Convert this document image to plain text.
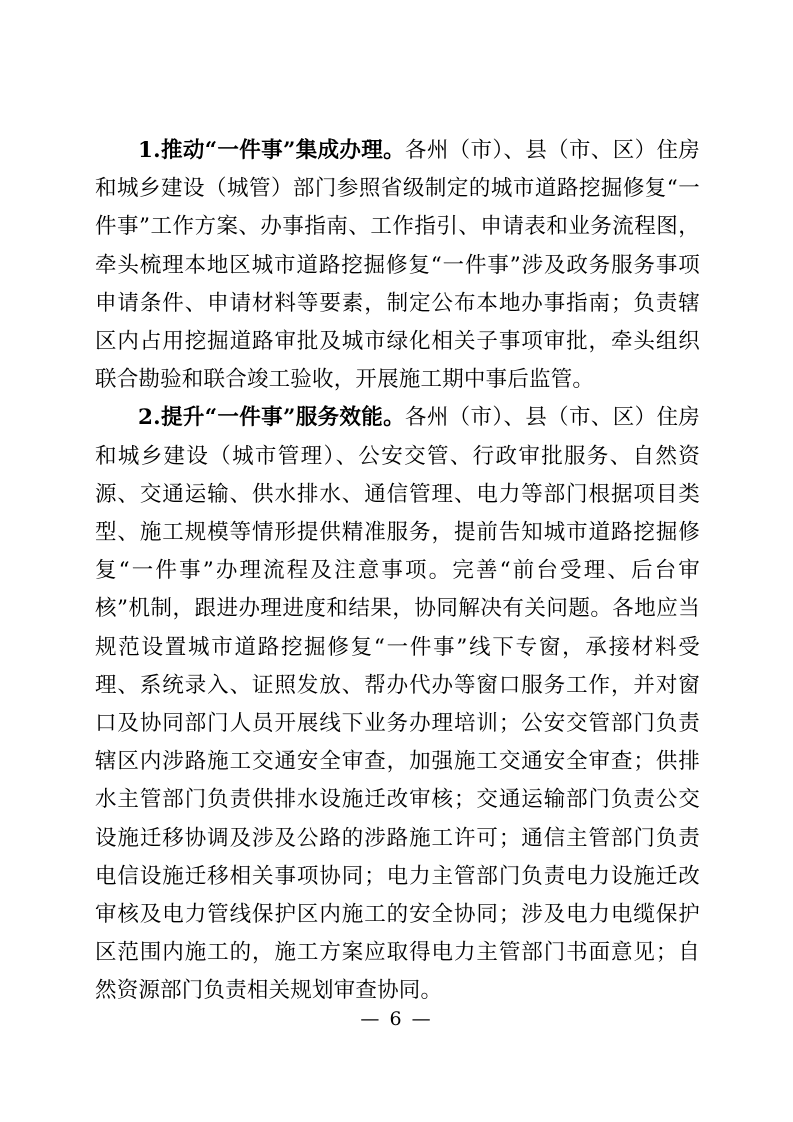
1.推动“一件事”集成办理。各州（市）、县（市、区）住房和城乡建设（城管）部门参照省级制定的城市道路挖掘修复“一件事”工作方案、办事指南、工作指引、申请表和业务流程图，牵头梳理本地区城市道路挖掘修复“一件事”涉及政务服务事项申请条件、申请材料等要素，制定公布本地办事指南；负责辖区内占用挖掘道路审批及城市绿化相关子事项审批，牵头组织联合勘验和联合竣工验收，开展施工期中事后监管。

2.提升“一件事”服务效能。各州（市）、县（市、区）住房和城乡建设（城市管理）、公安交管、行政审批服务、自然资源、交通运输、供水排水、通信管理、电力等部门根据项目类型、施工规模等情形提供精准服务，提前告知城市道路挖掘修复“一件事”办理流程及注意事项。完善“前台受理、后台审核”机制，跟进办理进度和结果，协同解决有关问题。各地应当规范设置城市道路挖掘修复“一件事”线下专窗，承接材料受理、系统录入、证照发放、帮办代办等窗口服务工作，并对窗口及协同部门人员开展线下业务办理培训；公安交管部门负责辖区内涉路施工交通安全审查，加强施工交通安全审查；供排水主管部门负责供排水设施迁改审核；交通运输部门负责公交设施迁移协调及涉及公路的涉路施工许可；通信主管部门负责电信设施迁移相关事项协同；电力主管部门负责电力设施迁改审核及电力管线保护区内施工的安全协同；涉及电力电缆保护区范围内施工的，施工方案应取得电力主管部门书面意见；自然资源部门负责相关规划审查协同。

— 6 —
